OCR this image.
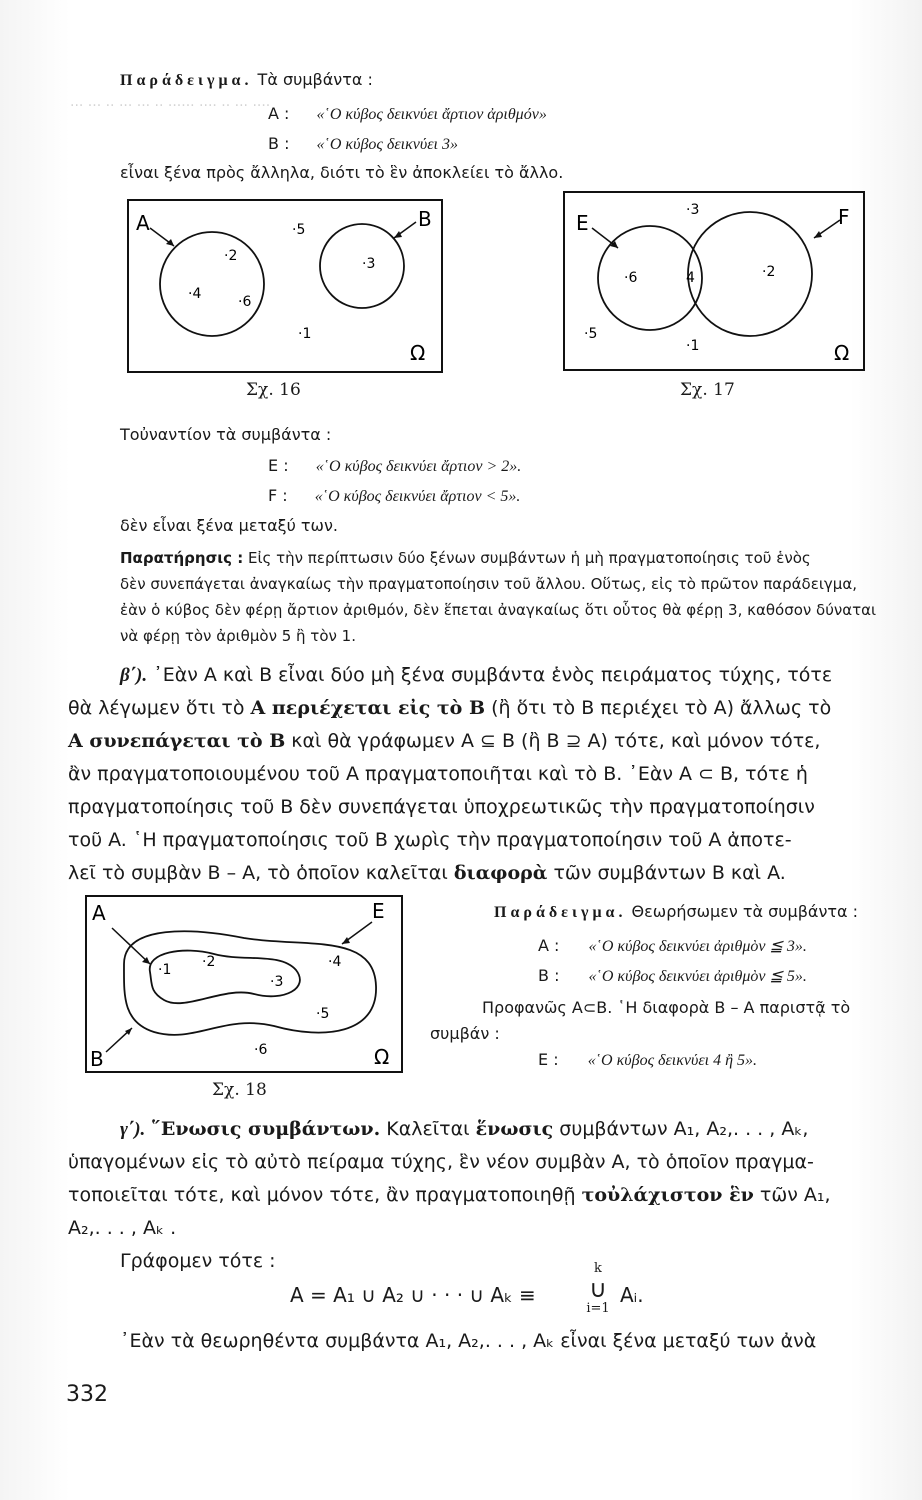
··· ··· ·· ··· ··· ·· ······ ···· ·· ··· ····
Παράδειγμα. Τὰ συμβάντα :
A : «῾Ο κύβος δεικνύει ἄρτιον ἀριθμόν»
B : «῾Ο κύβος δεικνύει 3»
εἶναι ξένα πρὸς ἄλληλα, διότι τὸ ἓν ἀποκλείει τὸ ἄλλο.
A	B
·2
·4	·6
·5
·3
·1
Ω
Σχ. 16
E	F
·3
·6	4	·2
·5
·1	Ω
Σχ. 17
Τοὐναντίον τὰ συμβάντα :
E : «῾Ο κύβος δεικνύει ἄρτιον > 2».
F : «῾Ο κύβος δεικνύει ἄρτιον < 5».
δὲν εἶναι ξένα μεταξύ των.
Παρατήρησις : Εἰς τὴν περίπτωσιν δύο ξένων συμβάντων ἡ μὴ πραγματοποίησις τοῦ ἑνὸς
δὲν συνεπάγεται ἀναγκαίως τὴν πραγματοποίησιν τοῦ ἄλλου. Οὕτως, εἰς τὸ πρῶτον παράδειγμα,
ἐὰν ὁ κύβος δὲν φέρῃ ἄρτιον ἀριθμόν, δὲν ἕπεται ἀναγκαίως ὅτι οὗτος θὰ φέρῃ 3, καθόσον δύναται
νὰ φέρῃ τὸν ἀριθμὸν 5 ἢ τὸν 1.
β΄). ᾿Εὰν A καὶ B εἶναι δύο μὴ ξένα συμβάντα ἑνὸς πειράματος τύχης, τότε
θὰ λέγωμεν ὅτι τὸ A περιέχεται εἰς τὸ B (ἢ ὅτι τὸ B περιέχει τὸ A) ἄλλως τὸ
A συνεπάγεται τὸ B καὶ θὰ γράφωμεν A ⊆ B (ἢ B ⊇ A) τότε, καὶ μόνον τότε,
ἂν πραγματοποιουμένου τοῦ A πραγματοποιῆται καὶ τὸ B. ᾿Εὰν A ⊂ B, τότε ἡ
πραγματοποίησις τοῦ B δὲν συνεπάγεται ὑποχρεωτικῶς τὴν πραγματοποίησιν
τοῦ A. ῾Η πραγματοποίησις τοῦ B χωρὶς τὴν πραγματοποίησιν τοῦ A ἀποτε-
λεῖ τὸ συμβὰν B – A, τὸ ὁποῖον καλεῖται διαφορὰ τῶν συμβάντων B καὶ A.
A	E
B
·1 ·2
·3
·4
·5
·6	Ω
Σχ. 18
Παράδειγμα. Θεωρήσωμεν τὰ συμβάντα :
A : «῾Ο κύβος δεικνύει ἀριθμὸν ≦ 3».
B : «῾Ο κύβος δεικνύει ἀριθμὸν ≦ 5».
Προφανῶς A⊂B. ῾Η διαφορὰ B – A παριστᾷ τὸ
συμβάν :
E : «῾Ο κύβος δεικνύει 4 ἢ 5».
γ΄). ῞Ενωσις συμβάντων. Καλεῖται ἕνωσις συμβάντων A₁, A₂,. . . , Aₖ,
ὑπαγομένων εἰς τὸ αὐτὸ πείραμα τύχης, ἓν νέον συμβὰν A, τὸ ὁποῖον πραγμα-
τοποιεῖται τότε, καὶ μόνον τότε, ἂν πραγματοποιηθῇ τοὐλάχιστον ἓν τῶν A₁,
A₂,. . . , Aₖ .
Γράφομεν τότε :
A = A₁ ∪ A₂ ∪ · · · ∪ Aₖ ≡
k
∪
i=1
Aᵢ.
᾿Εὰν τὰ θεωρηθέντα συμβάντα A₁, A₂,. . . , Aₖ εἶναι ξένα μεταξύ των ἀνὰ
332
